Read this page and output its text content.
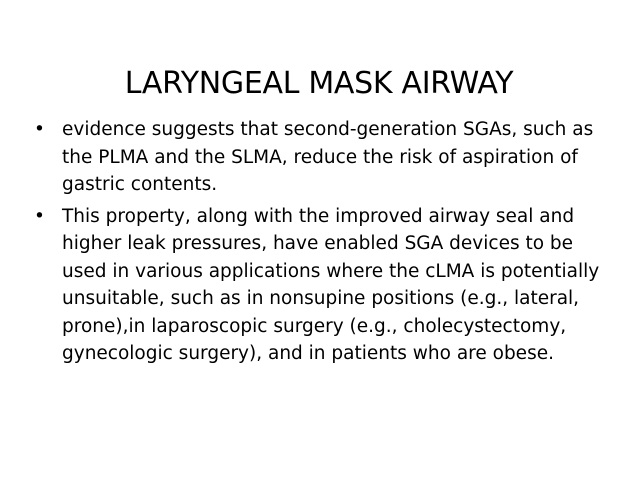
LARYNGEAL MASK AIRWAY
• evidence suggests that second-generation SGAs, such as the PLMA and the SLMA, reduce the risk of aspiration of gastric contents.
• This property, along with the improved airway seal and higher leak pressures, have enabled SGA devices to be used in various applications where the cLMA is potentially unsuitable, such as in nonsupine positions (e.g., lateral, prone),in laparoscopic surgery (e.g., cholecystectomy, gynecologic surgery), and in patients who are obese.
